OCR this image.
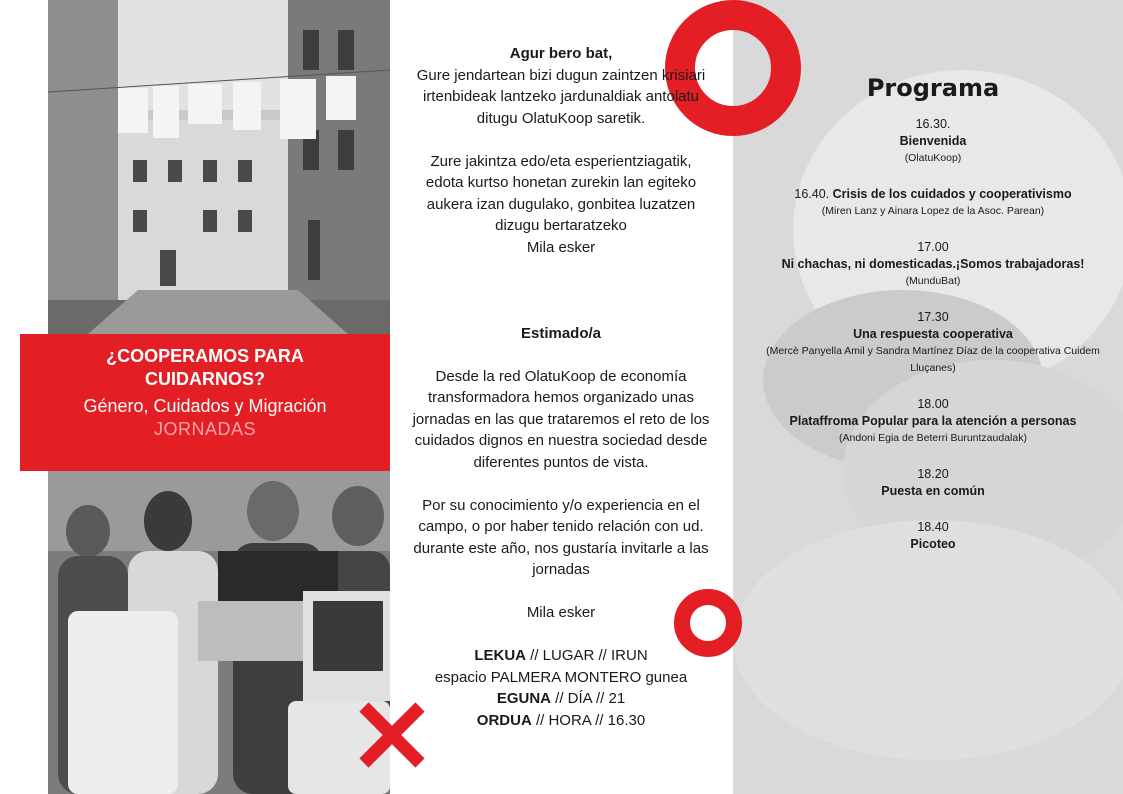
¿COOPERAMOS PARA
CUIDARNOS?
Género, Cuidados y Migración
JORNADAS

Agur bero bat,

Gure jendartean bizi dugun zaintzen krisiari

irtenbideak lantzeko jardunaldiak antolatu

ditugu OlatuKoop saretik.

Zure jakintza edo/eta esperientziagatik,

edota kurtso honetan zurekin lan egiteko

aukera izan dugulako, gonbitea luzatzen

dizugu bertaratzeko

Mila esker

Estimado/a

Desde la red OlatuKoop de economía

transformadora hemos organizado unas

jornadas en las que trataremos el reto de los

cuidados dignos en nuestra sociedad desde

diferentes puntos de vista.

Por su conocimiento y/o experiencia en el

campo, o por haber tenido relación con ud.

durante este año, nos gustaría invitarle a las

jornadas

Mila esker

LEKUA // LUGAR // IRUN

espacio PALMERA MONTERO gunea

EGUNA // DÍA // 21

ORDUA // HORA // 16.30

Programa
16.30.
Bienvenida
(OlatuKoop)
16.40. Crisis de los cuidados y cooperativismo
(Miren Lanz y Ainara Lopez de la Asoc. Parean)
17.00
Ni chachas, ni domesticadas.¡Somos trabajadoras!
(MunduBat)
17.30
Una respuesta cooperativa
(Mercè Panyella Amil y Sandra Martínez Díaz de la cooperativa Cuidem Lluçanes)
18.00
Plataffroma Popular para la atención a personas
(Andoni Egia de Beterri Buruntzaudalak)
18.20
Puesta en común
18.40
Picoteo
